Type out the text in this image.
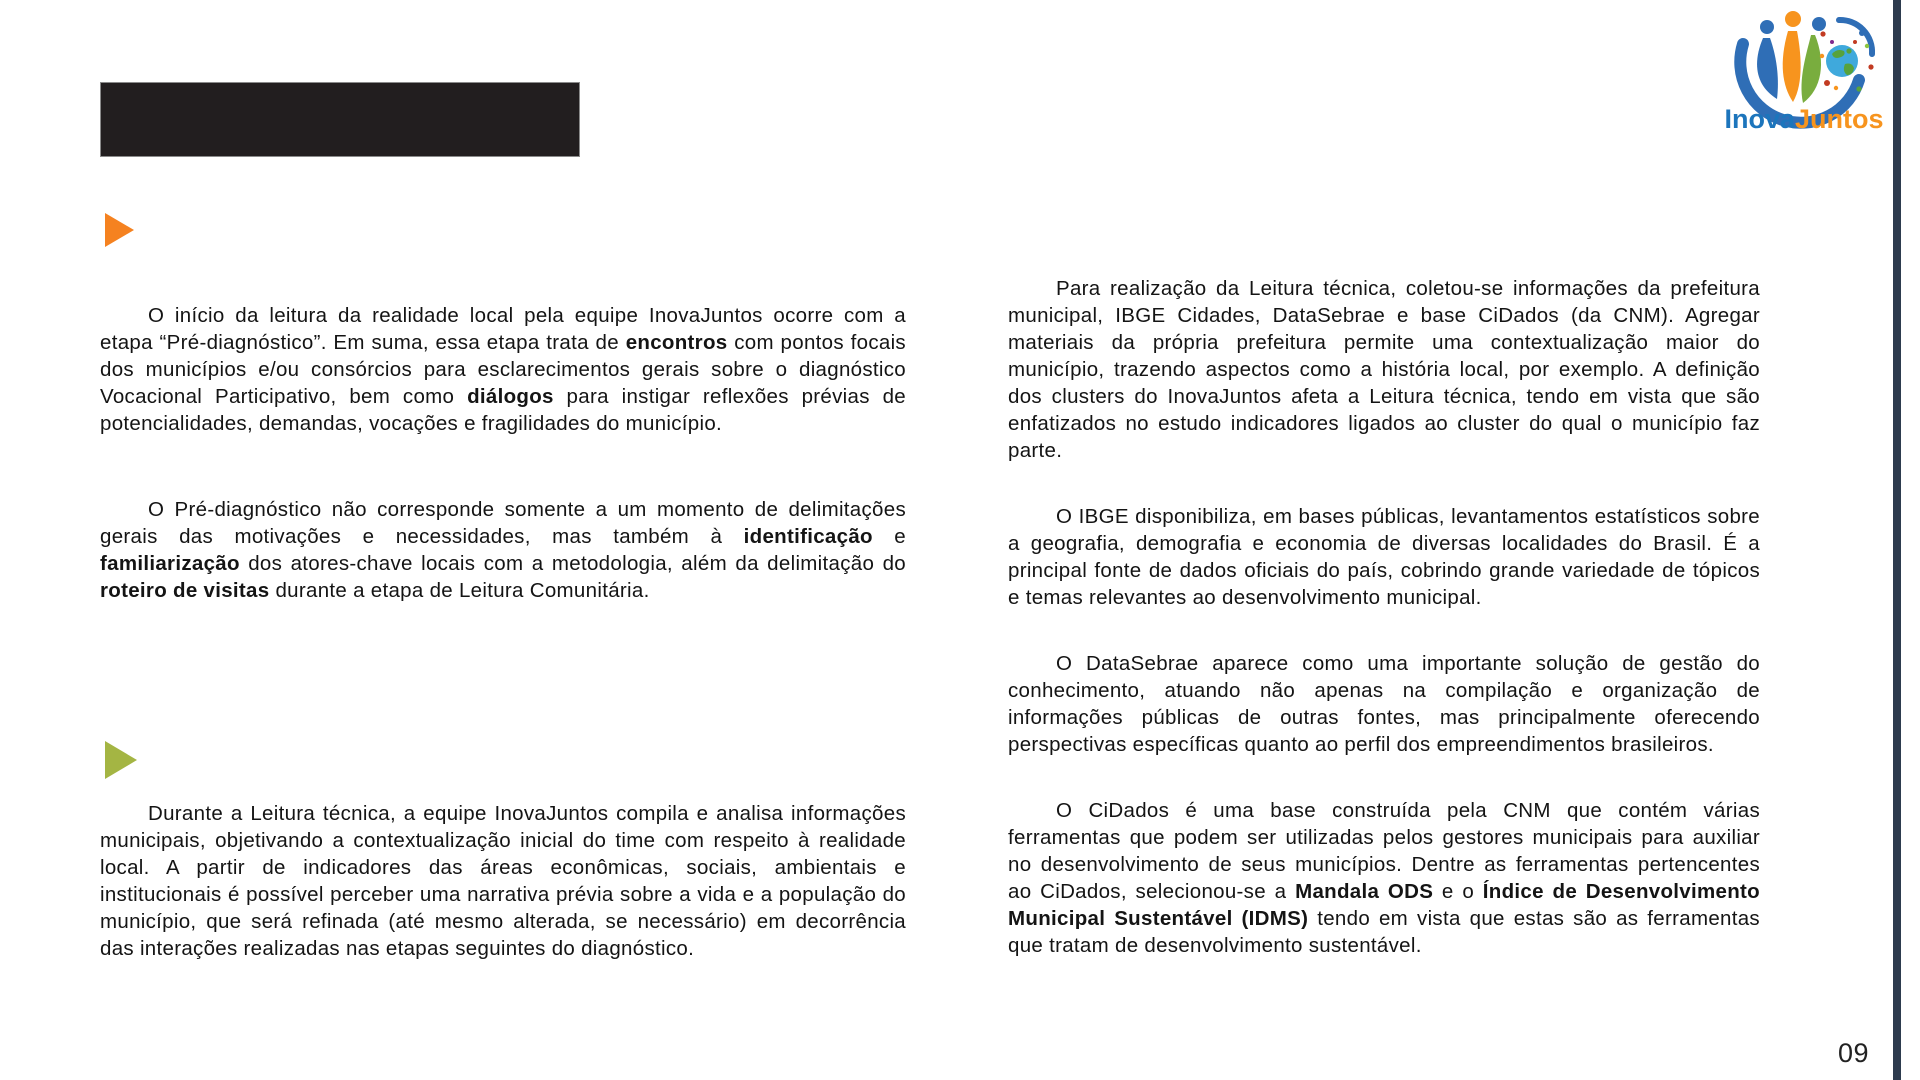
InovaJuntos

O início da leitura da realidade local pela equipe InovaJuntos ocorre com a etapa “Pré-diagnóstico”. Em suma, essa etapa trata de encontros com pontos focais dos municípios e/ou consórcios para esclarecimentos gerais sobre o diagnóstico Vocacional Participativo, bem como diálogos para instigar reflexões prévias de potencialidades, demandas, vocações e fragilidades do município.

O Pré-diagnóstico não corresponde somente a um momento de delimitações gerais das motivações e necessidades, mas também à identificação e familiarização dos atores-chave locais com a metodologia, além da delimitação do roteiro de visitas durante a etapa de Leitura Comunitária.

Durante a Leitura técnica, a equipe InovaJuntos compila e analisa informações municipais, objetivando a contextualização inicial do time com respeito à realidade local. A partir de indicadores das áreas econômicas, sociais, ambientais e institucionais é possível perceber uma narrativa prévia sobre a vida e a população do município, que será refinada (até mesmo alterada, se necessário) em decorrência das interações realizadas nas etapas seguintes do diagnóstico.

Para realização da Leitura técnica, coletou-se informações da prefeitura municipal, IBGE Cidades, DataSebrae e base CiDados (da CNM). Agregar materiais da própria prefeitura permite uma contextualização maior do município, trazendo aspectos como a história local, por exemplo. A definição dos clusters do InovaJuntos afeta a Leitura técnica, tendo em vista que são enfatizados no estudo indicadores ligados ao cluster do qual o município faz parte.

O IBGE disponibiliza, em bases públicas, levantamentos estatísticos sobre a geografia, demografia e economia de diversas localidades do Brasil. É a principal fonte de dados oficiais do país, cobrindo grande variedade de tópicos e temas relevantes ao desenvolvimento municipal.

O DataSebrae aparece como uma importante solução de gestão do conhecimento, atuando não apenas na compilação e organização de informações públicas de outras fontes, mas principalmente oferecendo perspectivas específicas quanto ao perfil dos empreendimentos brasileiros.

O CiDados é uma base construída pela CNM que contém várias ferramentas que podem ser utilizadas pelos gestores municipais para auxiliar no desenvolvimento de seus municípios. Dentre as ferramentas pertencentes ao CiDados, selecionou-se a Mandala ODS e o Índice de Desenvolvimento Municipal Sustentável (IDMS) tendo em vista que estas são as ferramentas que tratam de desenvolvimento sustentável.

09
